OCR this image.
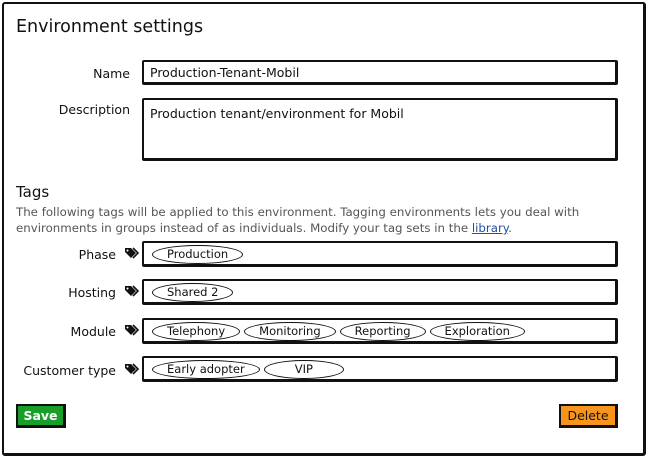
Environment settings
Name	Production-Tenant-Mobil
Description	Production tenant/environment for Mobil
Tags
The following tags will be applied to this environment. Tagging environments lets you deal with environments in groups instead of as individuals. Modify your tag sets in the library.
Phase	Production
Hosting	Shared 2
Module	Telephony	Monitoring	Reporting	Exploration
Customer type	Early adopter	VIP
Save	Delete
